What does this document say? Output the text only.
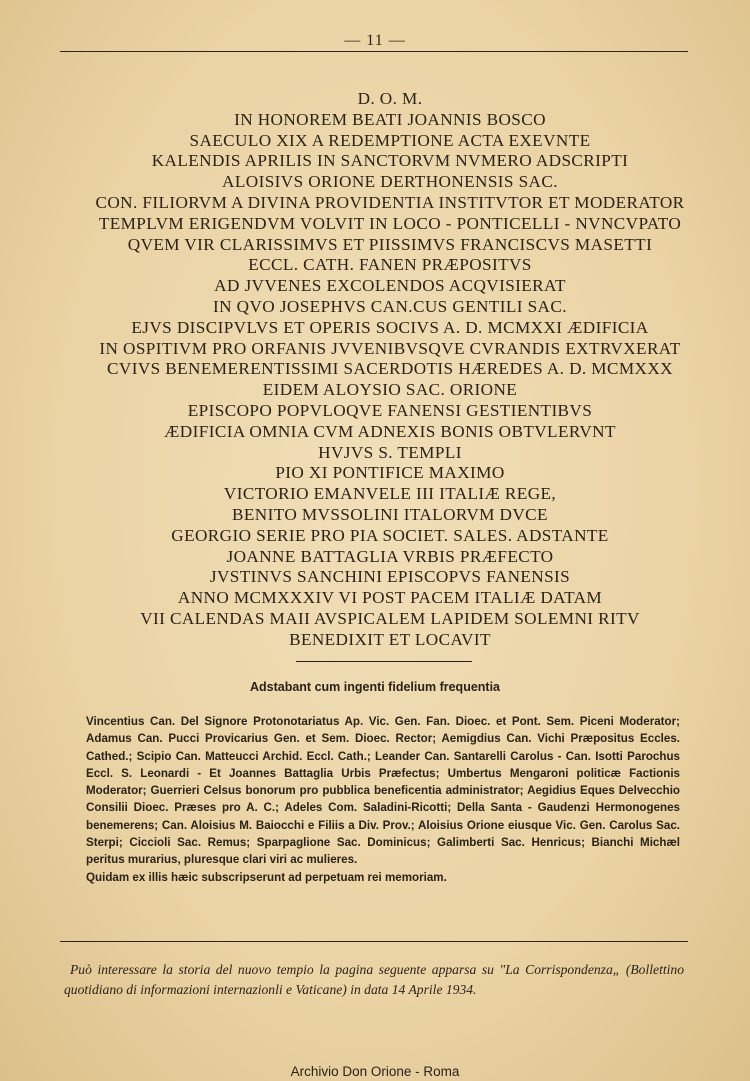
— 11 —
D. O. M.
IN HONOREM BEATI JOANNIS BOSCO
SAECULO XIX A REDEMPTIONE ACTA EXEVNTE
KALENDIS APRILIS IN SANCTORVM NVMERO ADSCRIPTI
ALOISIVS ORIONE DERTHONENSIS SAC.
CON. FILIORVM A DIVINA PROVIDENTIA INSTITVTOR ET MODERATOR
TEMPLVM ERIGENDVM VOLVIT IN LOCO - PONTICELLI - NVNCVPATO
QVEM VIR CLARISSIMVS ET PIISSIMVS FRANCISCVS MASETTI
ECCL. CATH. FANEN PRÆPOSITVS
AD JVVENES EXCOLENDOS ACQVISIERAT
IN QVO JOSEPHVS CAN.CUS GENTILI SAC.
EJVS DISCIPVLVS ET OPERIS SOCIVS A. D. MCMXXI ÆDIFICIA
IN OSPITIVM PRO ORFANIS JVVENIBVSQVE CVRANDIS EXTRVXERAT
CVIVS BENEMERENTISSIMI SACERDOTIS HÆREDES A. D. MCMXXX
EIDEM ALOYSIO SAC. ORIONE
EPISCOPO POPVLOQVE FANENSI GESTIENTIBVS
ÆDIFICIA OMNIA CVM ADNEXIS BONIS OBTVLERVNT
HVJVS S. TEMPLI
PIO XI PONTIFICE MAXIMO
VICTORIO EMANVELE III ITALIÆ REGE,
BENITO MVSSOLINI ITALORVM DVCE
GEORGIO SERIE PRO PIA SOCIET. SALES. ADSTANTE
JOANNE BATTAGLIA VRBIS PRÆFECTO
JVSTINVS SANCHINI EPISCOPVS FANENSIS
ANNO MCMXXXIV VI POST PACEM ITALIÆ DATAM
VII CALENDAS MAII AVSPICALEM LAPIDEM SOLEMNI RITV
BENEDIXIT ET LOCAVIT
Adstabant cum ingenti fidelium frequentia
Vincentius Can. Del Signore Protonotariatus Ap. Vic. Gen. Fan. Dioec. et Pont. Sem. Piceni Moderator; Adamus Can. Pucci Provicarius Gen. et Sem. Dioec. Rector; Aemigdius Can. Vichi Præpositus Eccles. Cathed.; Scipio Can. Matteucci Archid. Eccl. Cath.; Leander Can. Santarelli Carolus - Can. Isotti Parochus Eccl. S. Leonardi - Et Joannes Battaglia Urbis Præfectus; Umbertus Mengaroni politicæ Factionis Moderator; Guerrieri Celsus bonorum pro pubblica beneficentia administrator; Aegidius Eques Delvecchio Consilii Dioec. Præses pro A. C.; Adeles Com. Saladini-Ricotti; Della Santa - Gaudenzi Hermonogenes benemerens; Can. Aloisius M. Baiocchi e Filiis a Div. Prov.; Aloisius Orione eiusque Vic. Gen. Carolus Sac. Sterpi; Ciccioli Sac. Remus; Sparpaglione Sac. Dominicus; Galimberti Sac. Henricus; Bianchi Michæl peritus murarius, pluresque clari viri ac mulieres.
Quidam ex illis hæic subscripserunt ad perpetuam rei memoriam.
Può interessare la storia del nuovo tempio la pagina seguente apparsa su "La Corrispondenza„ (Bollettino quotidiano di informazioni internazionli e Vaticane) in data 14 Aprile 1934.
Archivio Don Orione - Roma
